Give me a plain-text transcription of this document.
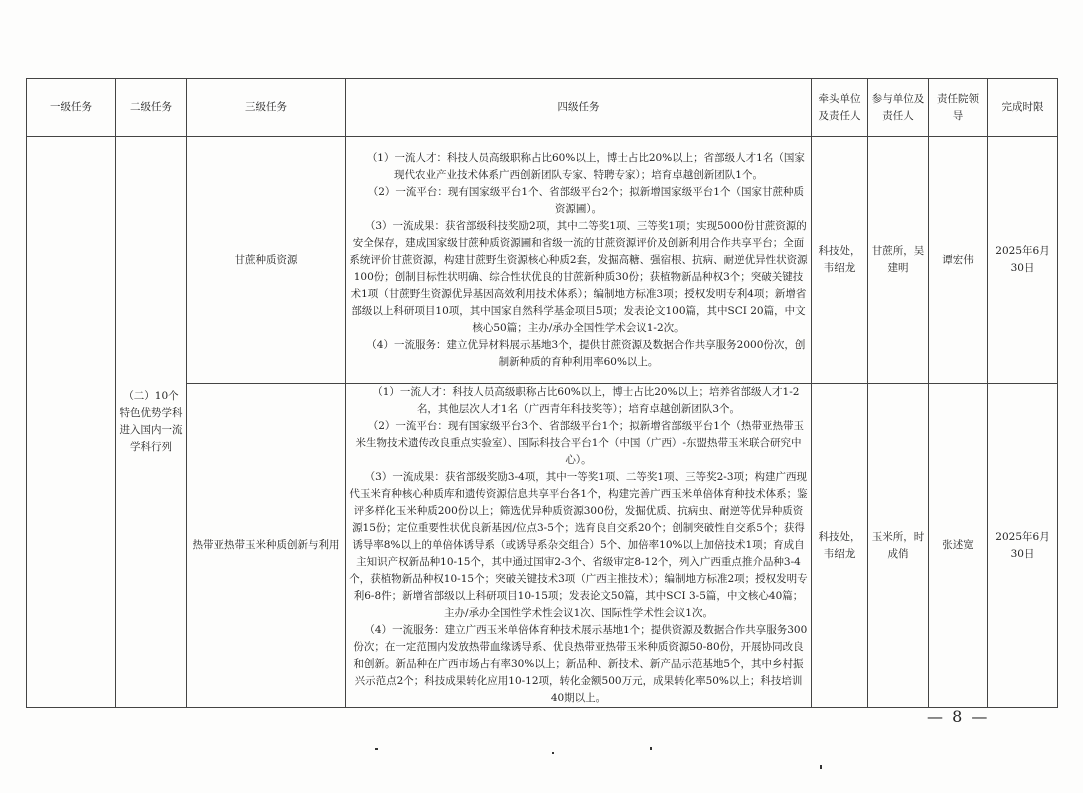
一级任务	二级任务	三级任务	四级任务	牵头单位及责任人	参与单位及责任人	责任院领导	完成时限
	（二）10个特色优势学科进入国内一流学科行列	甘蔗种质资源	（1）一流人才：科技人员高级职称占比60%以上，博士占比20%以上；省部级人才1名（国家现代农业产业技术体系广西创新团队专家、特聘专家）；培育卓越创新团队1个。

（2）一流平台：现有国家级平台1个、省部级平台2个；拟新增国家级平台1个（国家甘蔗种质资源圃）。

（3）一流成果：获省部级科技奖励2项，其中二等奖1项、三等奖1项；实现5000份甘蔗资源的安全保存，建成国家级甘蔗种质资源圃和省级一流的甘蔗资源评价及创新利用合作共享平台；全面系统评价甘蔗资源，构建甘蔗野生资源核心种质2套，发掘高糖、强宿根、抗病、耐逆优异性状资源100份；创制目标性状明确、综合性状优良的甘蔗新种质30份；获植物新品种权3个；突破关键技术1项（甘蔗野生资源优异基因高效利用技术体系）；编制地方标准3项；授权发明专利4项；新增省部级以上科研项目10项，其中国家自然科学基金项目5项；发表论文100篇，其中SCI 20篇，中文核心50篇；主办/承办全国性学术会议1-2次。

（4）一流服务：建立优异材料展示基地3个，提供甘蔗资源及数据合作共享服务2000份次，创制新种质的育种利用率60%以上。	科技处，韦绍龙	甘蔗所，吴建明	谭宏伟	2025年6月30日
		热带亚热带玉米种质创新与利用	（1）一流人才：科技人员高级职称占比60%以上，博士占比20%以上；培养省部级人才1-2名，其他层次人才1名（广西青年科技奖等）；培育卓越创新团队3个。

（2）一流平台：现有国家级平台3个、省部级平台1个；拟新增省部级平台1个（热带亚热带玉米生物技术遗传改良重点实验室）、国际科技合平台1个（中国（广西）-东盟热带玉米联合研究中心）。

（3）一流成果：获省部级奖励3-4项，其中一等奖1项、二等奖1项、三等奖2-3项；构建广西现代玉米育种核心种质库和遗传资源信息共享平台各1个，构建完善广西玉米单倍体育种技术体系；鉴评多样化玉米种质200份以上；筛选优异种质资源300份，发掘优质、抗病虫、耐逆等优异种质资源15份；定位重要性状优良新基因/位点3-5个；选育良自交系20个；创制突破性自交系5个；获得诱导率8%以上的单倍体诱导系（或诱导系杂交组合）5个、加倍率10%以上加倍技术1项；育成自主知识产权新品种10-15个，其中通过国审2-3个、省级审定8-12个，列入广西重点推介品种3-4个，获植物新品种权10-15个；突破关键技术3项（广西主推技术）；编制地方标准2项；授权发明专利6-8件；新增省部级以上科研项目10-15项；发表论文50篇，其中SCI 3-5篇，中文核心40篇；主办/承办全国性学术性会议1次、国际性学术性会议1次。

（4）一流服务：建立广西玉米单倍体育种技术展示基地1个；提供资源及数据合作共享服务300份次；在一定范围内发放热带血缘诱导系、优良热带亚热带玉米种质资源50-80份，开展协同改良和创新。新品种在广西市场占有率30%以上；新品种、新技术、新产品示范基地5个，其中乡村振兴示范点2个；科技成果转化应用10-12项，转化金额500万元，成果转化率50%以上；科技培训40期以上。	科技处，韦绍龙	玉米所，时成俏	张述宽	2025年6月30日
— 8 —
